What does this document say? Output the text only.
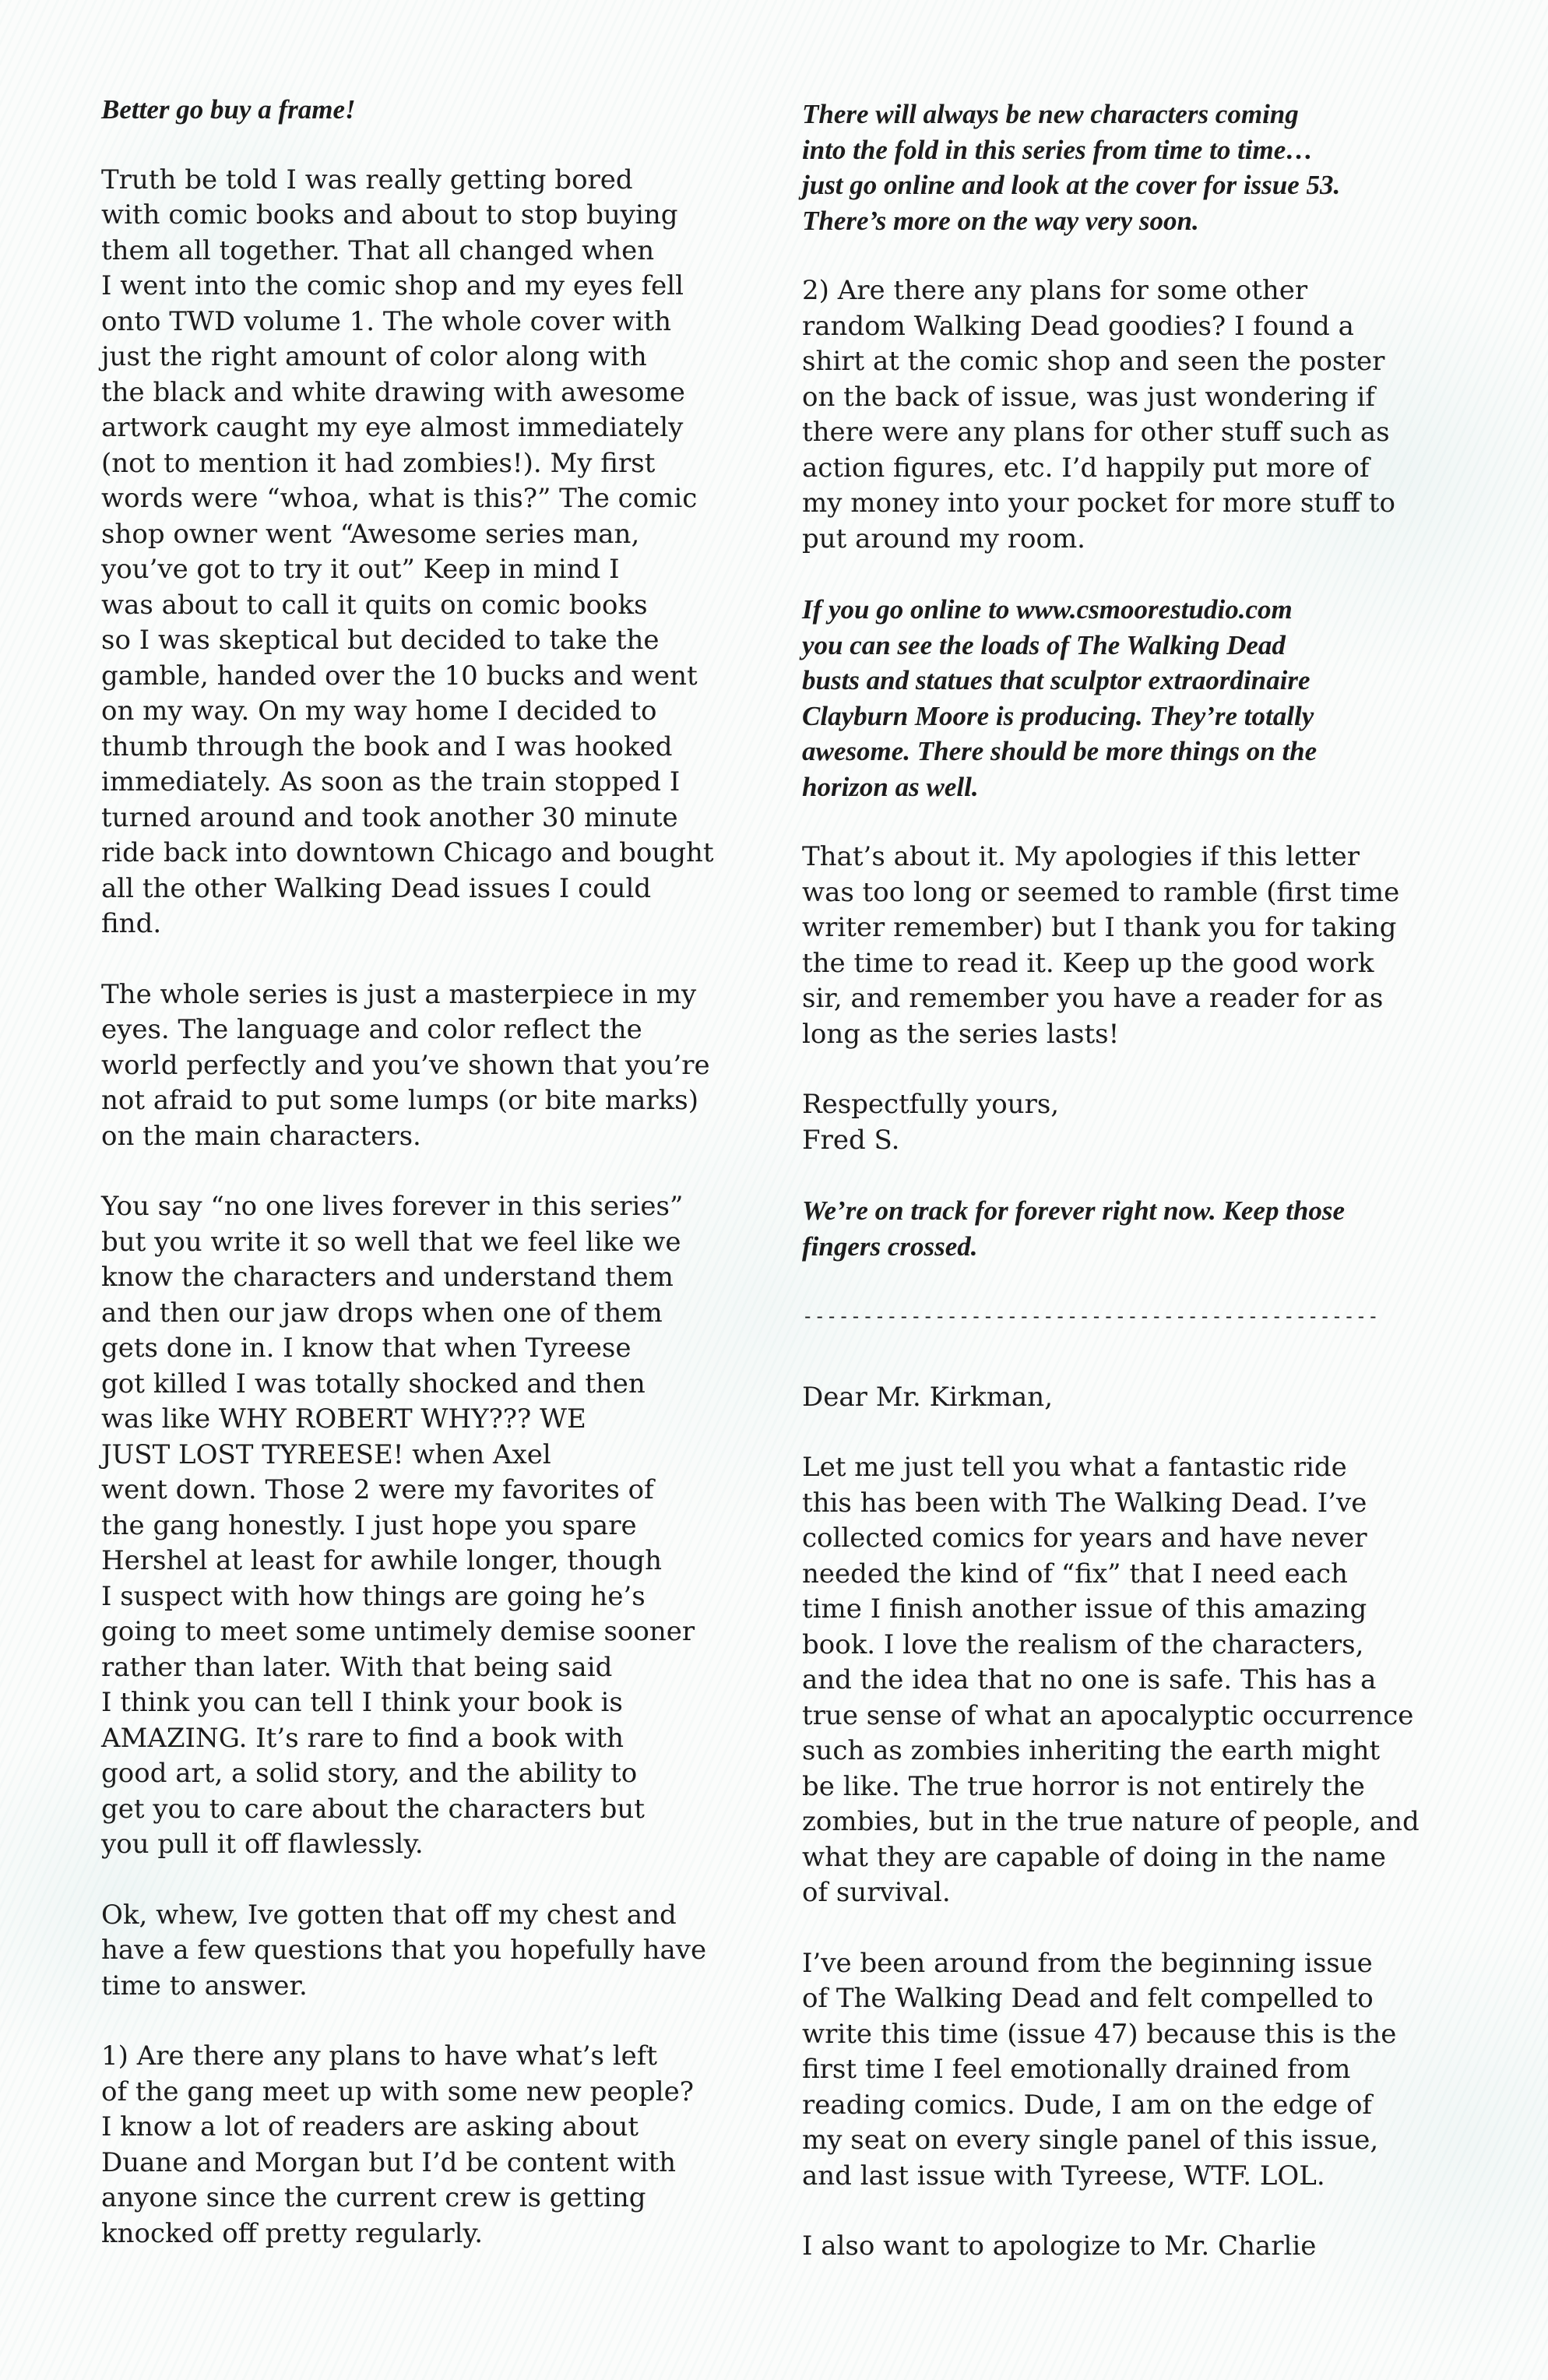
Better go buy a frame!

Truth be told I was really getting bored
with comic books and about to stop buying
them all together. That all changed when
I went into the comic shop and my eyes fell
onto TWD volume 1. The whole cover with
just the right amount of color along with
the black and white drawing with awesome
artwork caught my eye almost immediately
(not to mention it had zombies!). My first
words were “whoa, what is this?” The comic
shop owner went “Awesome series man,
you’ve got to try it out” Keep in mind I
was about to call it quits on comic books
so I was skeptical but decided to take the
gamble, handed over the 10 bucks and went
on my way. On my way home I decided to
thumb through the book and I was hooked
immediately. As soon as the train stopped I
turned around and took another 30 minute
ride back into downtown Chicago and bought
all the other Walking Dead issues I could
find.

The whole series is just a masterpiece in my
eyes. The language and color reflect the
world perfectly and you’ve shown that you’re
not afraid to put some lumps (or bite marks)
on the main characters.

You say “no one lives forever in this series”
but you write it so well that we feel like we
know the characters and understand them
and then our jaw drops when one of them
gets done in. I know that when Tyreese
got killed I was totally shocked and then
was like WHY ROBERT WHY??? WE
JUST LOST TYREESE! when Axel
went down. Those 2 were my favorites of
the gang honestly. I just hope you spare
Hershel at least for awhile longer, though
I suspect with how things are going he’s
going to meet some untimely demise sooner
rather than later. With that being said
I think you can tell I think your book is
AMAZING. It’s rare to find a book with
good art, a solid story, and the ability to
get you to care about the characters but
you pull it off flawlessly.

Ok, whew, Ive gotten that off my chest and
have a few questions that you hopefully have
time to answer.

1) Are there any plans to have what’s left
of the gang meet up with some new people?
I know a lot of readers are asking about
Duane and Morgan but I’d be content with
anyone since the current crew is getting
knocked off pretty regularly.

There will always be new characters coming
into the fold in this series from time to time…
just go online and look at the cover for issue 53.
There’s more on the way very soon.

2) Are there any plans for some other
random Walking Dead goodies? I found a
shirt at the comic shop and seen the poster
on the back of issue, was just wondering if
there were any plans for other stuff such as
action figures, etc. I’d happily put more of
my money into your pocket for more stuff to
put around my room.

If you go online to www.csmoorestudio.com
you can see the loads of The Walking Dead
busts and statues that sculptor extraordinaire
Clayburn Moore is producing. They’re totally
awesome. There should be more things on the
horizon as well.

That’s about it. My apologies if this letter
was too long or seemed to ramble (first time
writer remember) but I thank you for taking
the time to read it. Keep up the good work
sir, and remember you have a reader for as
long as the series lasts!

Respectfully yours,
Fred S.

We’re on track for forever right now. Keep those
fingers crossed.

------------------------------------------------

Dear Mr. Kirkman,

Let me just tell you what a fantastic ride
this has been with The Walking Dead. I’ve
collected comics for years and have never
needed the kind of “fix” that I need each
time I finish another issue of this amazing
book. I love the realism of the characters,
and the idea that no one is safe. This has a
true sense of what an apocalyptic occurrence
such as zombies inheriting the earth might
be like. The true horror is not entirely the
zombies, but in the true nature of people, and
what they are capable of doing in the name
of survival.

I’ve been around from the beginning issue
of The Walking Dead and felt compelled to
write this time (issue 47) because this is the
first time I feel emotionally drained from
reading comics. Dude, I am on the edge of
my seat on every single panel of this issue,
and last issue with Tyreese, WTF. LOL.

I also want to apologize to Mr. Charlie
